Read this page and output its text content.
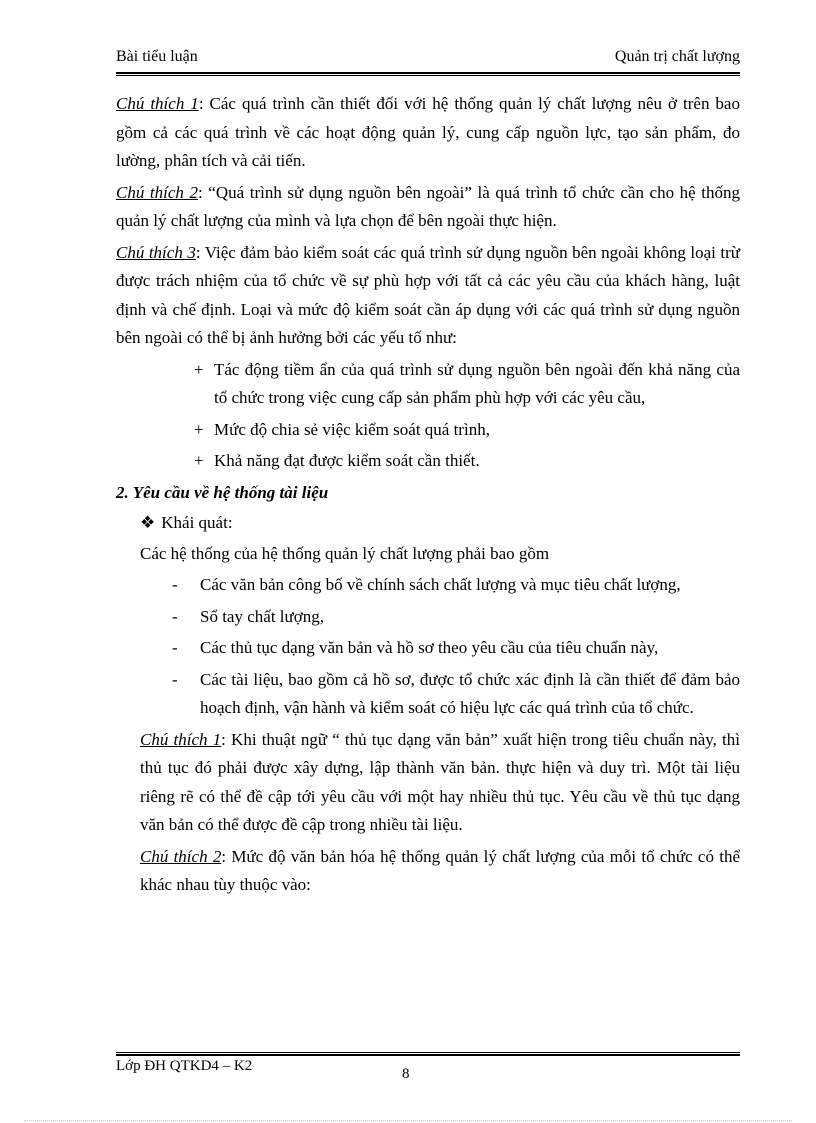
Bài tiểu luận	Quản trị chất lượng

Chú thích 1: Các quá trình cần thiết đối với hệ thống quản lý chất lượng nêu ở trên bao gồm cả các quá trình về các hoạt động quản lý, cung cấp nguồn lực, tạo sản phẩm, đo lường, phân tích và cải tiến.

Chú thích 2: “Quá trình sử dụng nguồn bên ngoài” là quá trình tổ chức cần cho hệ thống quản lý chất lượng của mình và lựa chọn để bên ngoài thực hiện.

Chú thích 3: Việc đảm bảo kiểm soát các quá trình sử dụng nguồn bên ngoài không loại trừ được trách nhiệm của tổ chức về sự phù hợp với tất cả các yêu cầu của khách hàng, luật định và chế định. Loại và mức độ kiểm soát cần áp dụng với các quá trình sử dụng nguồn bên ngoài có thể bị ảnh hưởng bởi các yếu tố như:

+ Tác động tiềm ẩn của quá trình sử dụng nguồn bên ngoài đến khả năng của tổ chức trong việc cung cấp sản phẩm phù hợp với các yêu cầu,
+ Mức độ chia sẻ việc kiểm soát quá trình,
+ Khả năng đạt được kiểm soát cần thiết.
2. Yêu cầu về hệ thống tài liệu
❖ Khái quát:

Các hệ thống của hệ thống quản lý chất lượng phải bao gồm

- Các văn bản công bố về chính sách chất lượng và mục tiêu chất lượng,
- Sổ tay chất lượng,
- Các thủ tục dạng văn bản và hồ sơ theo yêu cầu của tiêu chuẩn này,
- Các tài liệu, bao gồm cả hồ sơ, được tổ chức xác định là cần thiết để đảm bảo hoạch định, vận hành và kiểm soát có hiệu lực các quá trình của tổ chức.

Chú thích 1: Khi thuật ngữ “ thủ tục dạng văn bản” xuất hiện trong tiêu chuẩn này, thì thủ tục đó phải được xây dựng, lập thành văn bản. thực hiện và duy trì. Một tài liệu riêng rẽ có thể đề cập tới yêu cầu với một hay nhiều thủ tục. Yêu cầu về thủ tục dạng văn bản có thể được đề cập trong nhiều tài liệu.

Chú thích 2: Mức độ văn bản hóa hệ thống quản lý chất lượng của mỗi tổ chức có thể khác nhau tùy thuộc vào:

Lớp ĐH QTKD4 – K2	8
